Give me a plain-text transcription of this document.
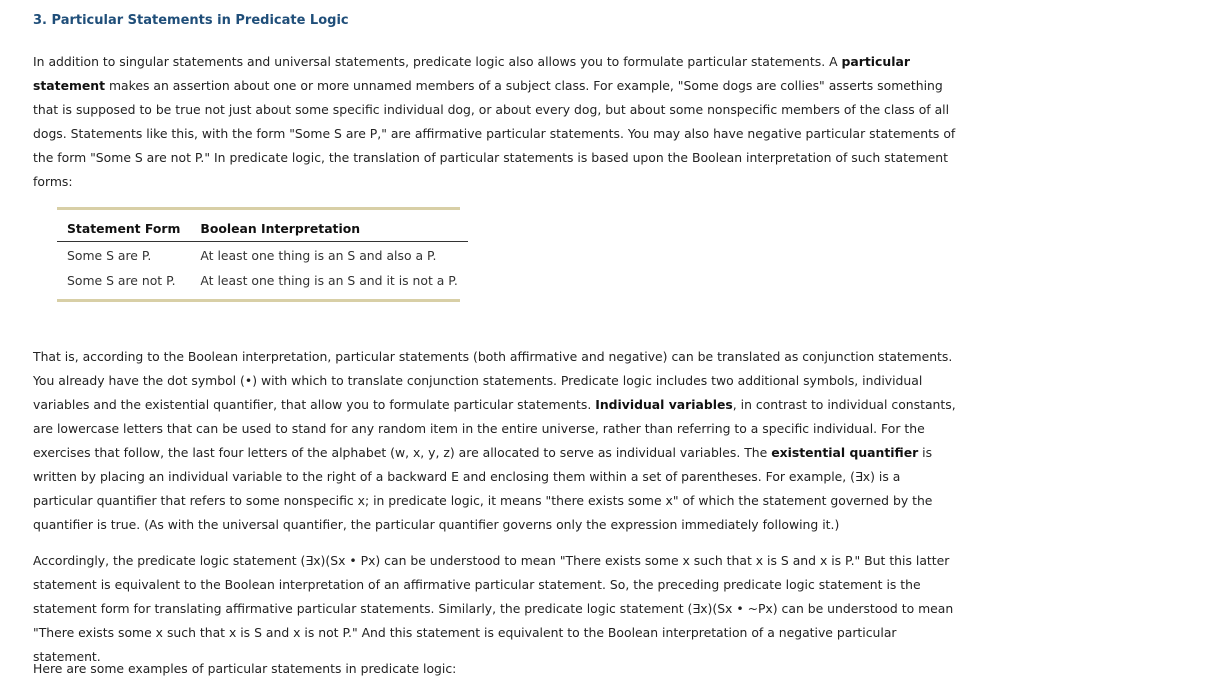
3. Particular Statements in Predicate Logic

In addition to singular statements and universal statements, predicate logic also allows you to formulate particular statements. A particular statement makes an assertion about one or more unnamed members of a subject class. For example, "Some dogs are collies" asserts something that is supposed to be true not just about some specific individual dog, or about every dog, but about some nonspecific members of the class of all dogs. Statements like this, with the form "Some S are P," are affirmative particular statements. You may also have negative particular statements of the form "Some S are not P." In predicate logic, the translation of particular statements is based upon the Boolean interpretation of such statement forms:

Statement Form	Boolean Interpretation
Some S are P.	At least one thing is an S and also a P.
Some S are not P.	At least one thing is an S and it is not a P.

That is, according to the Boolean interpretation, particular statements (both affirmative and negative) can be translated as conjunction statements. You already have the dot symbol (•) with which to translate conjunction statements. Predicate logic includes two additional symbols, individual variables and the existential quantifier, that allow you to formulate particular statements. Individual variables, in contrast to individual constants, are lowercase letters that can be used to stand for any random item in the entire universe, rather than referring to a specific individual. For the exercises that follow, the last four letters of the alphabet (w, x, y, z) are allocated to serve as individual variables. The existential quantifier is written by placing an individual variable to the right of a backward E and enclosing them within a set of parentheses. For example, (∃x) is a particular quantifier that refers to some nonspecific x; in predicate logic, it means "there exists some x" of which the statement governed by the quantifier is true. (As with the universal quantifier, the particular quantifier governs only the expression immediately following it.)

Accordingly, the predicate logic statement (∃x)(Sx • Px) can be understood to mean "There exists some x such that x is S and x is P." But this latter statement is equivalent to the Boolean interpretation of an affirmative particular statement. So, the preceding predicate logic statement is the statement form for translating affirmative particular statements. Similarly, the predicate logic statement (∃x)(Sx • ~Px) can be understood to mean "There exists some x such that x is S and x is not P." And this statement is equivalent to the Boolean interpretation of a negative particular statement.

Here are some examples of particular statements in predicate logic:
